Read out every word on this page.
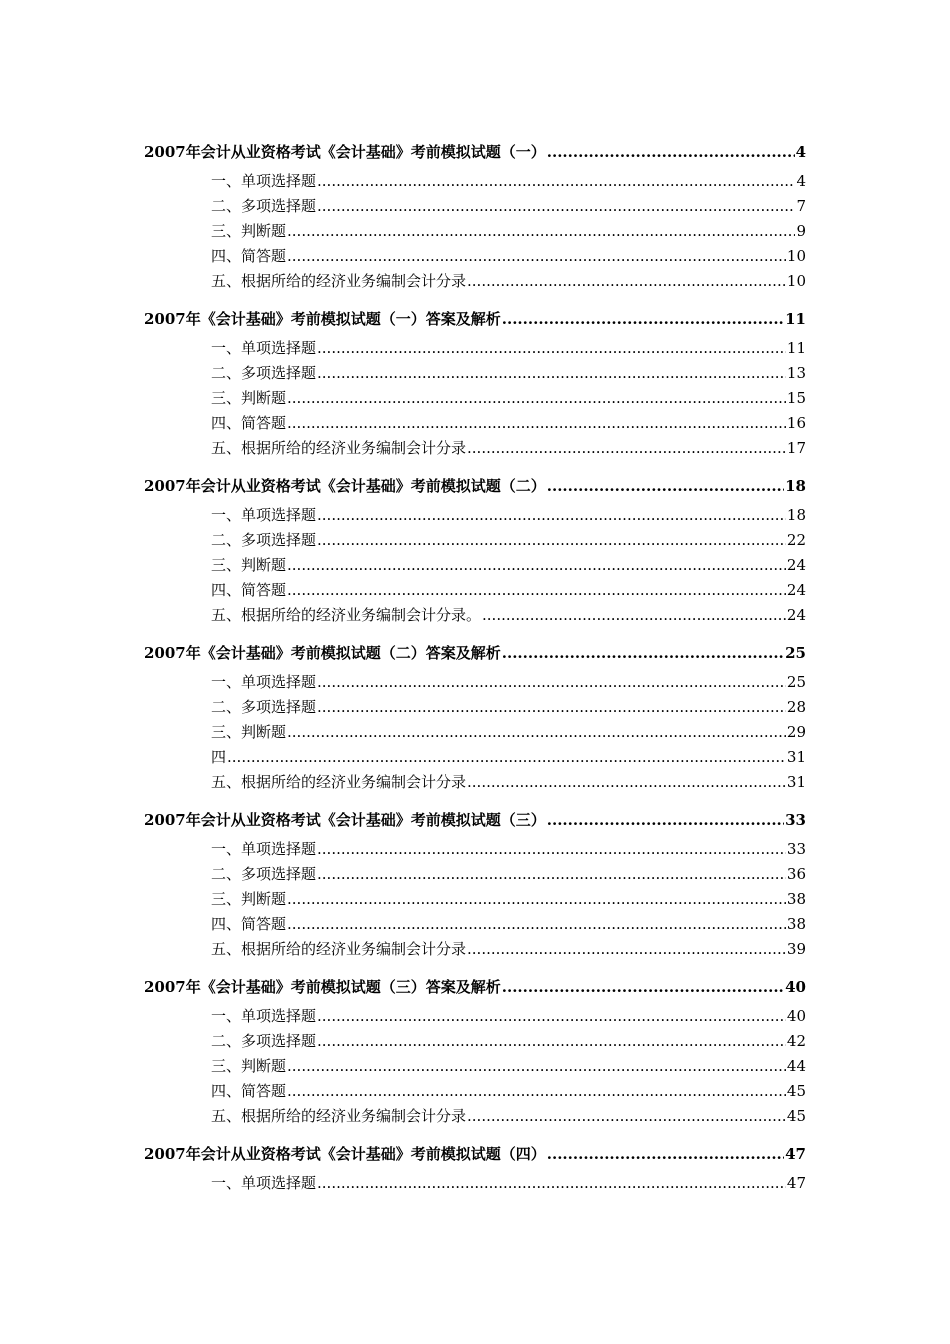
2007年会计从业资格考试《会计基础》考前模拟试题（一） .....	4
一、单项选择题 .....	4
二、多项选择题 .....	7
三、判断题 .....	9
四、简答题 .....	10
五、根据所给的经济业务编制会计分录 .....	10
2007年《会计基础》考前模拟试题（一）答案及解析 .....	11
一、单项选择题 .....	11
二、多项选择题 .....	13
三、判断题 .....	15
四、简答题 .....	16
五、根据所给的经济业务编制会计分录 .....	17
2007年会计从业资格考试《会计基础》考前模拟试题（二） .....	18
一、单项选择题 .....	18
二、多项选择题 .....	22
三、判断题 .....	24
四、简答题 .....	24
五、根据所给的经济业务编制会计分录。 .....	24
2007年《会计基础》考前模拟试题（二）答案及解析 .....	25
一、单项选择题 .....	25
二、多项选择题 .....	28
三、判断题 .....	29
四 .....	31
五、根据所给的经济业务编制会计分录 .....	31
2007年会计从业资格考试《会计基础》考前模拟试题（三） .....	33
一、单项选择题 .....	33
二、多项选择题 .....	36
三、判断题 .....	38
四、简答题 .....	38
五、根据所给的经济业务编制会计分录 .....	39
2007年《会计基础》考前模拟试题（三）答案及解析 .....	40
一、单项选择题 .....	40
二、多项选择题 .....	42
三、判断题 .....	44
四、简答题 .....	45
五、根据所给的经济业务编制会计分录 .....	45
2007年会计从业资格考试《会计基础》考前模拟试题（四） .....	47
一、单项选择题 .....	47
